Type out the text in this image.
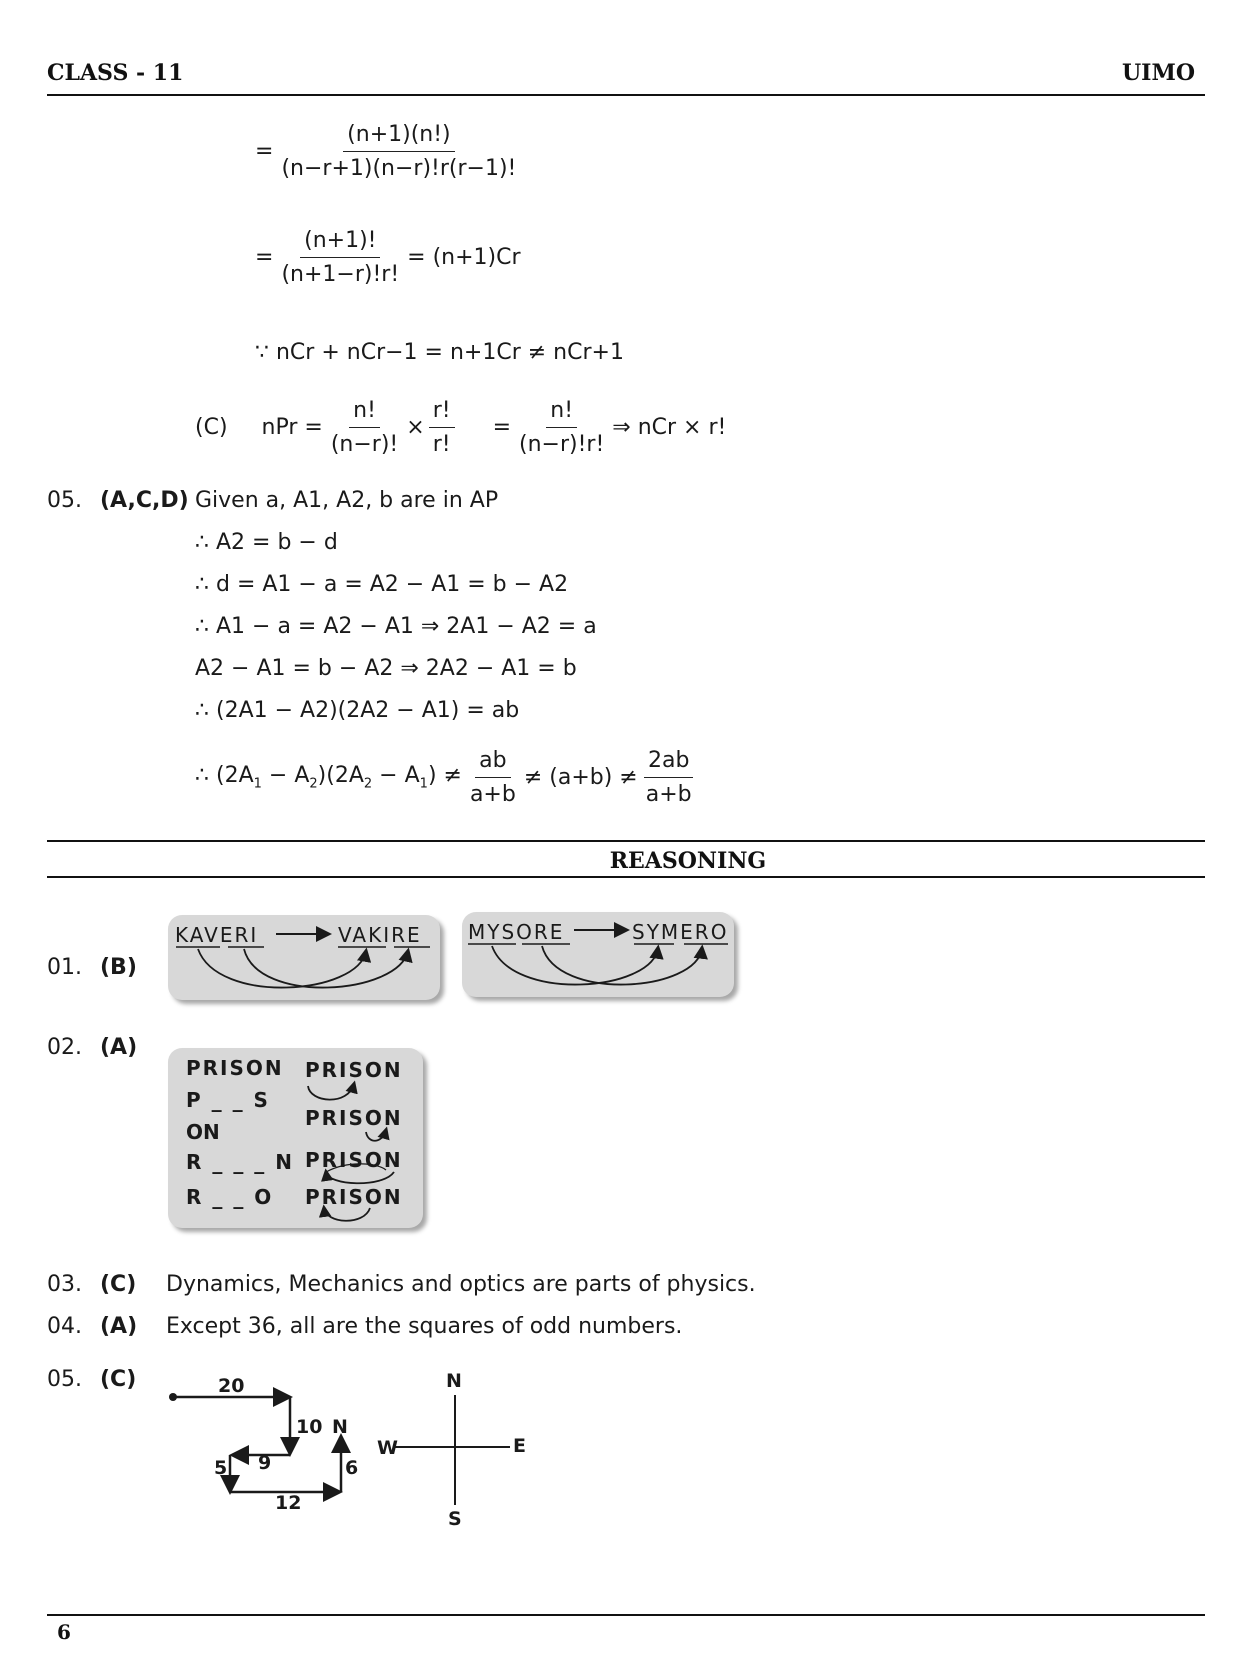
CLASS - 11	UIMO
= $\frac{(n+1)(n!)}{(n-r+1)(n-r)!r(r-1)!}$
= $\frac{(n+1)!}{(n+1-r)!r!} = (n+1)Cr$
∵ nCr + nCr−1 = n+1Cr ≠ nCr+1
(C) nPr = $\frac{n!}{(n-r)!} \times \frac{r!}{r!} = \frac{n!}{(n-r)!r!}$ ⇒ nCr × r!
05. (A,C,D) Given a, A1, A2, b are in AP
∴ A2 = b − d
∴ d = A1 − a = A2 − A1 = b − A2
∴ A1 − a = A2 − A1 ⇒ 2A1 − A2 = a
A2 − A1 = b − A2 ⇒ 2A2 − A1 = b
∴ (2A1 − A2)(2A2 − A1) = ab
∴ $(2A_1 - A_2)(2A_2 - A_1) \ne \frac{ab}{a+b} \ne (a+b) \ne \frac{2ab}{a+b}$
REASONING
01. (B)
KAVERI	VAKIRE MYSORE	SYMERO
02. (A)
PRISON
P _ _ S
ON
R _ _ _ N
R _ _ O
PRISON
PRISON
PRISON
PRISON
03. (C) Dynamics, Mechanics and optics are parts of physics.
04. (A) Except 36, all are the squares of odd numbers.
05. (C)	20
10
9
5
12
6
N
N
S
E
W
6
